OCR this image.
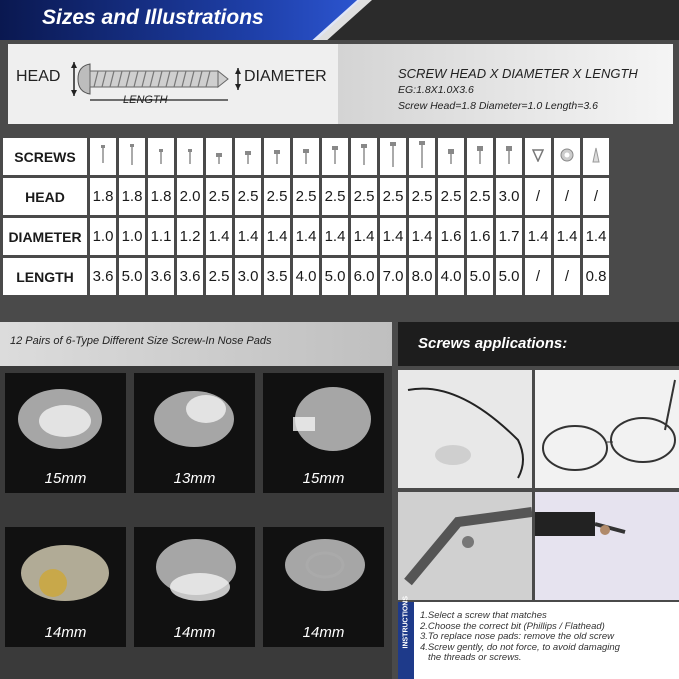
Sizes and Illustrations
HEAD
LENGTH
DIAMETER	SCREW HEAD X DIAMETER X LENGTH
EG:1.8X1.0X3.6
Screw Head=1.8 Diameter=1.0 Length=3.6
SCREWS																		
HEAD	1.8	1.8	1.8	2.0	2.5	2.5	2.5	2.5	2.5	2.5	2.5	2.5	2.5	2.5	3.0	/	/	/
DIAMETER	1.0	1.0	1.1	1.2	1.4	1.4	1.4	1.4	1.4	1.4	1.4	1.4	1.6	1.6	1.7	1.4	1.4	1.4
LENGTH	3.6	5.0	3.6	3.6	2.5	3.0	3.5	4.0	5.0	6.0	7.0	8.0	4.0	5.0	5.0	/	/	0.8
12 Pairs of 6-Type Different Size Screw-In Nose Pads
15mm	13mm	15mm
14mm	14mm	14mm
Screws applications:
1.Select a screw that matches
2.Choose the correct bit (Phillips / Flathead)
3.To replace nose pads: remove the old screw
4.Screw gently, do not force, to avoid damaging
the threads or screws.
